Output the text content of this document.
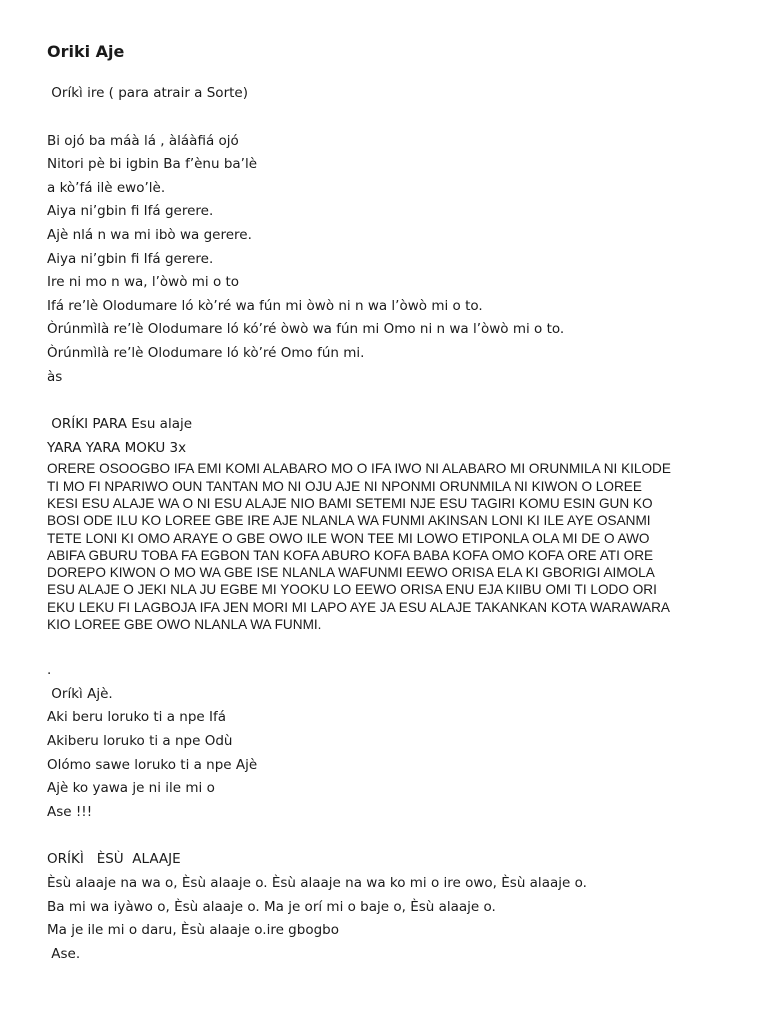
Oriki Aje

Oríkì ire ( para atrair a Sorte)

Bi ojó ba máà lá , àláàfiá ojó

Nitori pè bi igbin Ba f’ènu ba’lè

a kò’fá ilè ewo’lè.

Aiya ni’gbin fi Ifá gerere.

Ajè nlá n wa mi ibò wa gerere.

Aiya ni’gbin fi Ifá gerere.

Ire ni mo n wa, l’òwò mi o to

Ifá re’lè Olodumare ló kò’ré wa fún mi òwò ni n wa l’òwò mi o to.

Òrúnmìlà re’lè Olodumare ló kó’ré òwò wa fún mi Omo ni n wa l’òwò mi o to.

Òrúnmìlà re’lè Olodumare ló kò’ré Omo fún mi.

às

ORÍKI PARA Esu alaje

YARA YARA MOKU 3x

ORERE OSOOGBO IFA EMI KOMI ALABARO MO O IFA IWO NI ALABARO MI ORUNMILA NI KILODE
TI MO FI NPARIWO OUN TANTAN MO NI OJU AJE NI NPONMI ORUNMILA NI KIWON O LOREE
KESI ESU ALAJE WA O NI ESU ALAJE NIO BAMI SETEMI NJE ESU TAGIRI KOMU ESIN GUN KO
BOSI ODE ILU KO LOREE GBE IRE AJE NLANLA WA FUNMI AKINSAN LONI KI ILE AYE OSANMI
TETE LONI KI OMO ARAYE O GBE OWO ILE WON TEE MI LOWO ETIPONLA OLA MI DE O AWO
ABIFA GBURU TOBA FA EGBON TAN KOFA ABURO KOFA BABA KOFA OMO KOFA ORE ATI ORE
DOREPO KIWON O MO WA GBE ISE NLANLA WAFUNMI EEWO ORISA ELA KI GBORIGI AIMOLA
ESU ALAJE O JEKI NLA JU EGBE MI YOOKU LO EEWO ORISA ENU EJA KIIBU OMI TI LODO ORI
EKU LEKU FI LAGBOJA IFA JEN MORI MI LAPO AYE JA ESU ALAJE TAKANKAN KOTA WARAWARA
KIO LOREE GBE OWO NLANLA WA FUNMI.

.

Oríkì Ajè.

Aki beru loruko ti a npe Ifá

Akiberu loruko ti a npe Odù

Olómo sawe loruko ti a npe Ajè

Ajè ko yawa je ni ile mi o

Ase !!!

ORÍKÌ   ÈSÙ  ALAAJE

Èsù alaaje na wa o, Èsù alaaje o. Èsù alaaje na wa ko mi o ire owo, Èsù alaaje o.

Ba mi wa iyàwo o, Èsù alaaje o. Ma je orí mi o baje o, Èsù alaaje o.

Ma je ile mi o daru, Èsù alaaje o.ire gbogbo

Ase.
